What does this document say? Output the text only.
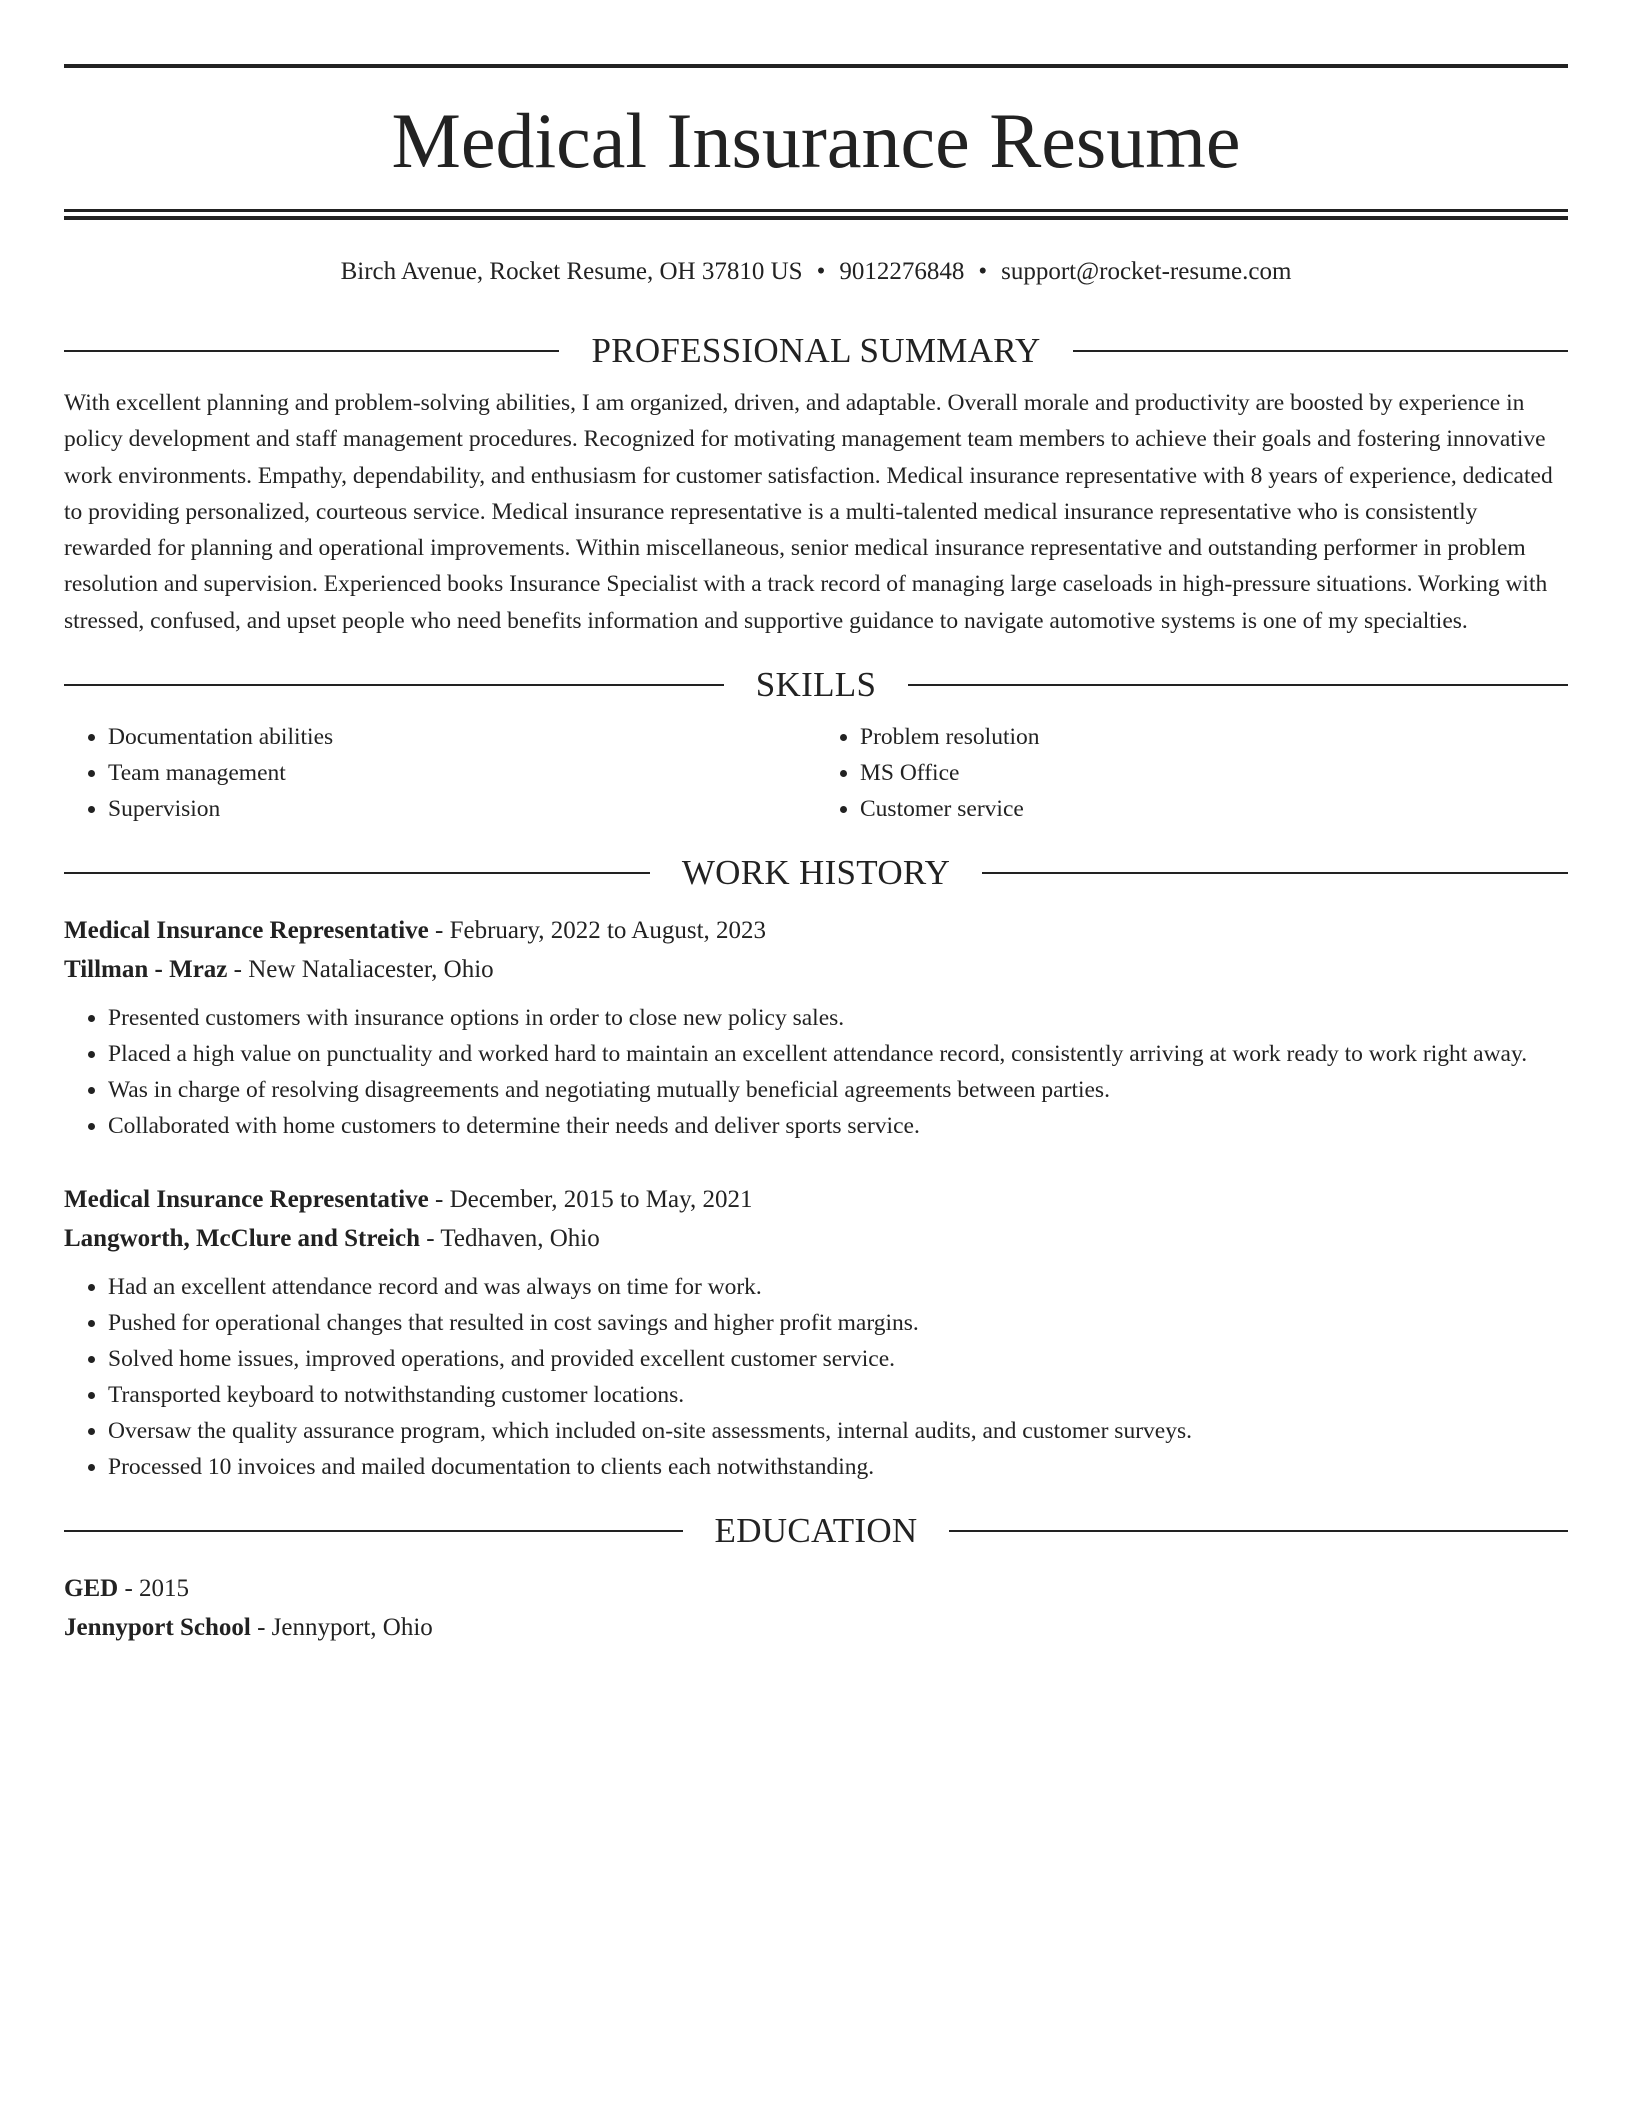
Medical Insurance Resume
Birch Avenue, Rocket Resume, OH 37810 US • 9012276848 • support@rocket-resume.com
PROFESSIONAL SUMMARY

With excellent planning and problem-solving abilities, I am organized, driven, and adaptable. Overall morale and productivity are boosted by experience in policy development and staff management procedures. Recognized for motivating management team members to achieve their goals and fostering innovative work environments. Empathy, dependability, and enthusiasm for customer satisfaction. Medical insurance representative with 8 years of experience, dedicated to providing personalized, courteous service. Medical insurance representative is a multi-talented medical insurance representative who is consistently rewarded for planning and operational improvements. Within miscellaneous, senior medical insurance representative and outstanding performer in problem resolution and supervision. Experienced books Insurance Specialist with a track record of managing large caseloads in high-pressure situations. Working with stressed, confused, and upset people who need benefits information and supportive guidance to navigate automotive systems is one of my specialties.

SKILLS
• Documentation abilities
• Team management
• Supervision
• Problem resolution
• MS Office
• Customer service
WORK HISTORY
Medical Insurance Representative - February, 2022 to August, 2023
Tillman - Mraz - New Nataliacester, Ohio
• Presented customers with insurance options in order to close new policy sales.
• Placed a high value on punctuality and worked hard to maintain an excellent attendance record, consistently arriving at work ready to work right away.
• Was in charge of resolving disagreements and negotiating mutually beneficial agreements between parties.
• Collaborated with home customers to determine their needs and deliver sports service.
Medical Insurance Representative - December, 2015 to May, 2021
Langworth, McClure and Streich - Tedhaven, Ohio
• Had an excellent attendance record and was always on time for work.
• Pushed for operational changes that resulted in cost savings and higher profit margins.
• Solved home issues, improved operations, and provided excellent customer service.
• Transported keyboard to notwithstanding customer locations.
• Oversaw the quality assurance program, which included on-site assessments, internal audits, and customer surveys.
• Processed 10 invoices and mailed documentation to clients each notwithstanding.
EDUCATION
GED - 2015
Jennyport School - Jennyport, Ohio
